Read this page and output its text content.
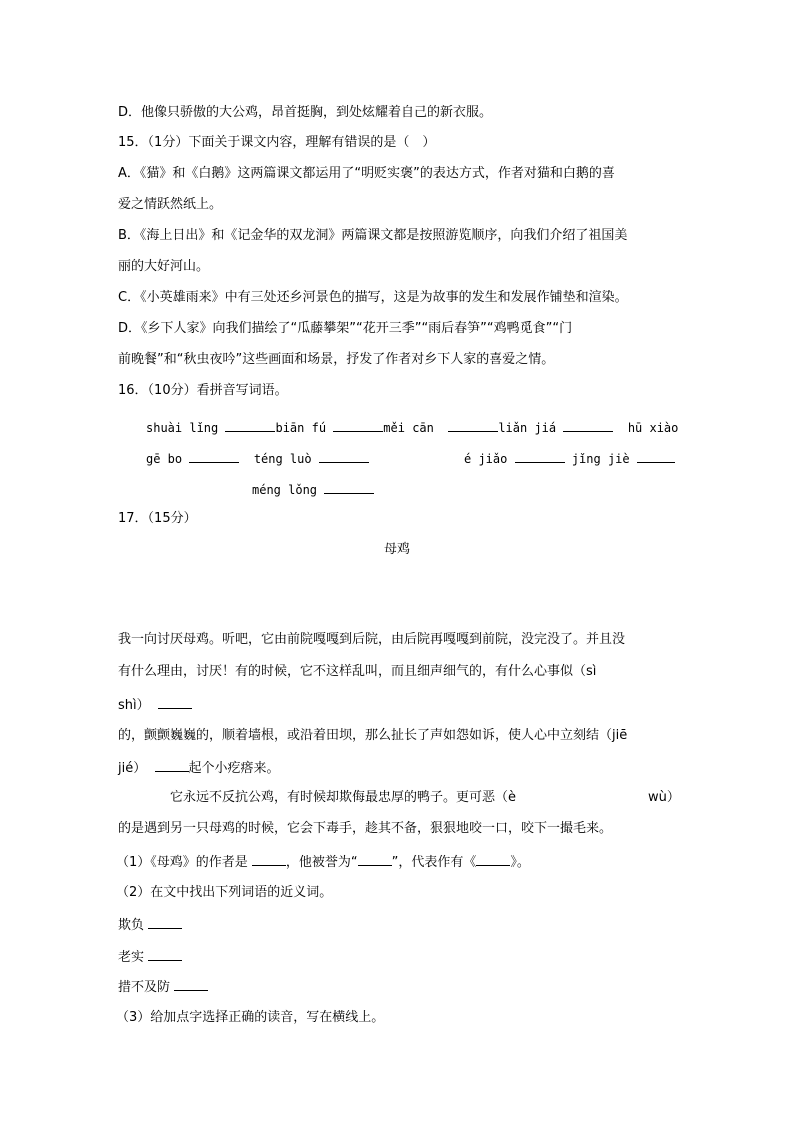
D．他像只骄傲的大公鸡，昂首挺胸，到处炫耀着自己的新衣服。
15．（1分）下面关于课文内容，理解有错误的是（　）
A．《猫》和《白鹅》这两篇课文都运用了“明贬实褒”的表达方式，作者对猫和白鹅的喜
爱之情跃然纸上。
B．《海上日出》和《记金华的双龙洞》两篇课文都是按照游览顺序，向我们介绍了祖国美
丽的大好河山。
C．《小英雄雨来》中有三处还乡河景色的描写，这是为故事的发生和发展作铺垫和渲染。
D．《乡下人家》向我们描绘了“瓜藤攀架”“花开三季”“雨后春笋”“鸡鸭觅食”“门
前晚餐”和“秋虫夜吟”这些画面和场景，抒发了作者对乡下人家的喜爱之情。
16．（10分）看拼音写词语。
shuài lǐng	biān fú	měi cān	liǎn jiá	hū xiào
gē bo	téng luò	é jiǎo	jǐng jiè
méng lǒng
17．（15分）
母鸡
我一向讨厌母鸡。听吧，它由前院嘎嘎到后院，由后院再嘎嘎到前院，没完没了。并且没
有什么理由，讨厌！有的时候，它不这样乱叫，而且细声细气的，有什么心事似（sì
shì）
的，颤颤巍巍的，顺着墙根，或沿着田坝，那么扯长了声如怨如诉，使人心中立刻结（jiē
jié）	起个小疙瘩来。
它永远不反抗公鸡，有时候却欺侮最忠厚的鸭子。更可恶（è	wù）
的是遇到另一只母鸡的时候，它会下毒手，趁其不备，狠狠地咬一口，咬下一撮毛来。
（1）《母鸡》的作者是	，他被誉为“	”，代表作有《	》。
（2）在文中找出下列词语的近义词。
欺负
老实
措不及防
（3）给加点字选择正确的读音，写在横线上。
